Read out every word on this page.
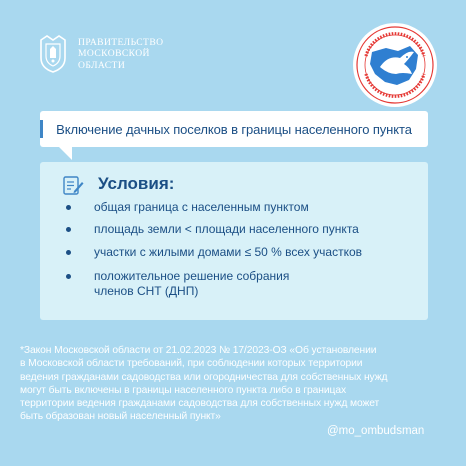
ПРАВИТЕЛЬСТВО
МОСКОВСКОЙ
ОБЛАСТИ
Включение дачных поселков в границы населенного пункта
Условия:
общая граница с населенным пунктом
площадь земли < площади населенного пункта
участки с жилыми домами ≤ 50 % всех участков
положительное решение собрания
членов СНТ (ДНП)
*Закон Московской области от 21.02.2023 № 17/2023-ОЗ «Об установлении
в Московской области требований, при соблюдении которых территории
ведения гражданами садоводства или огородничества для собственных нужд
могут быть включены в границы населенного пункта либо в границах
территории ведения гражданами садоводства для собственных нужд может
быть образован новый населенный пункт»
@mo_ombudsman
